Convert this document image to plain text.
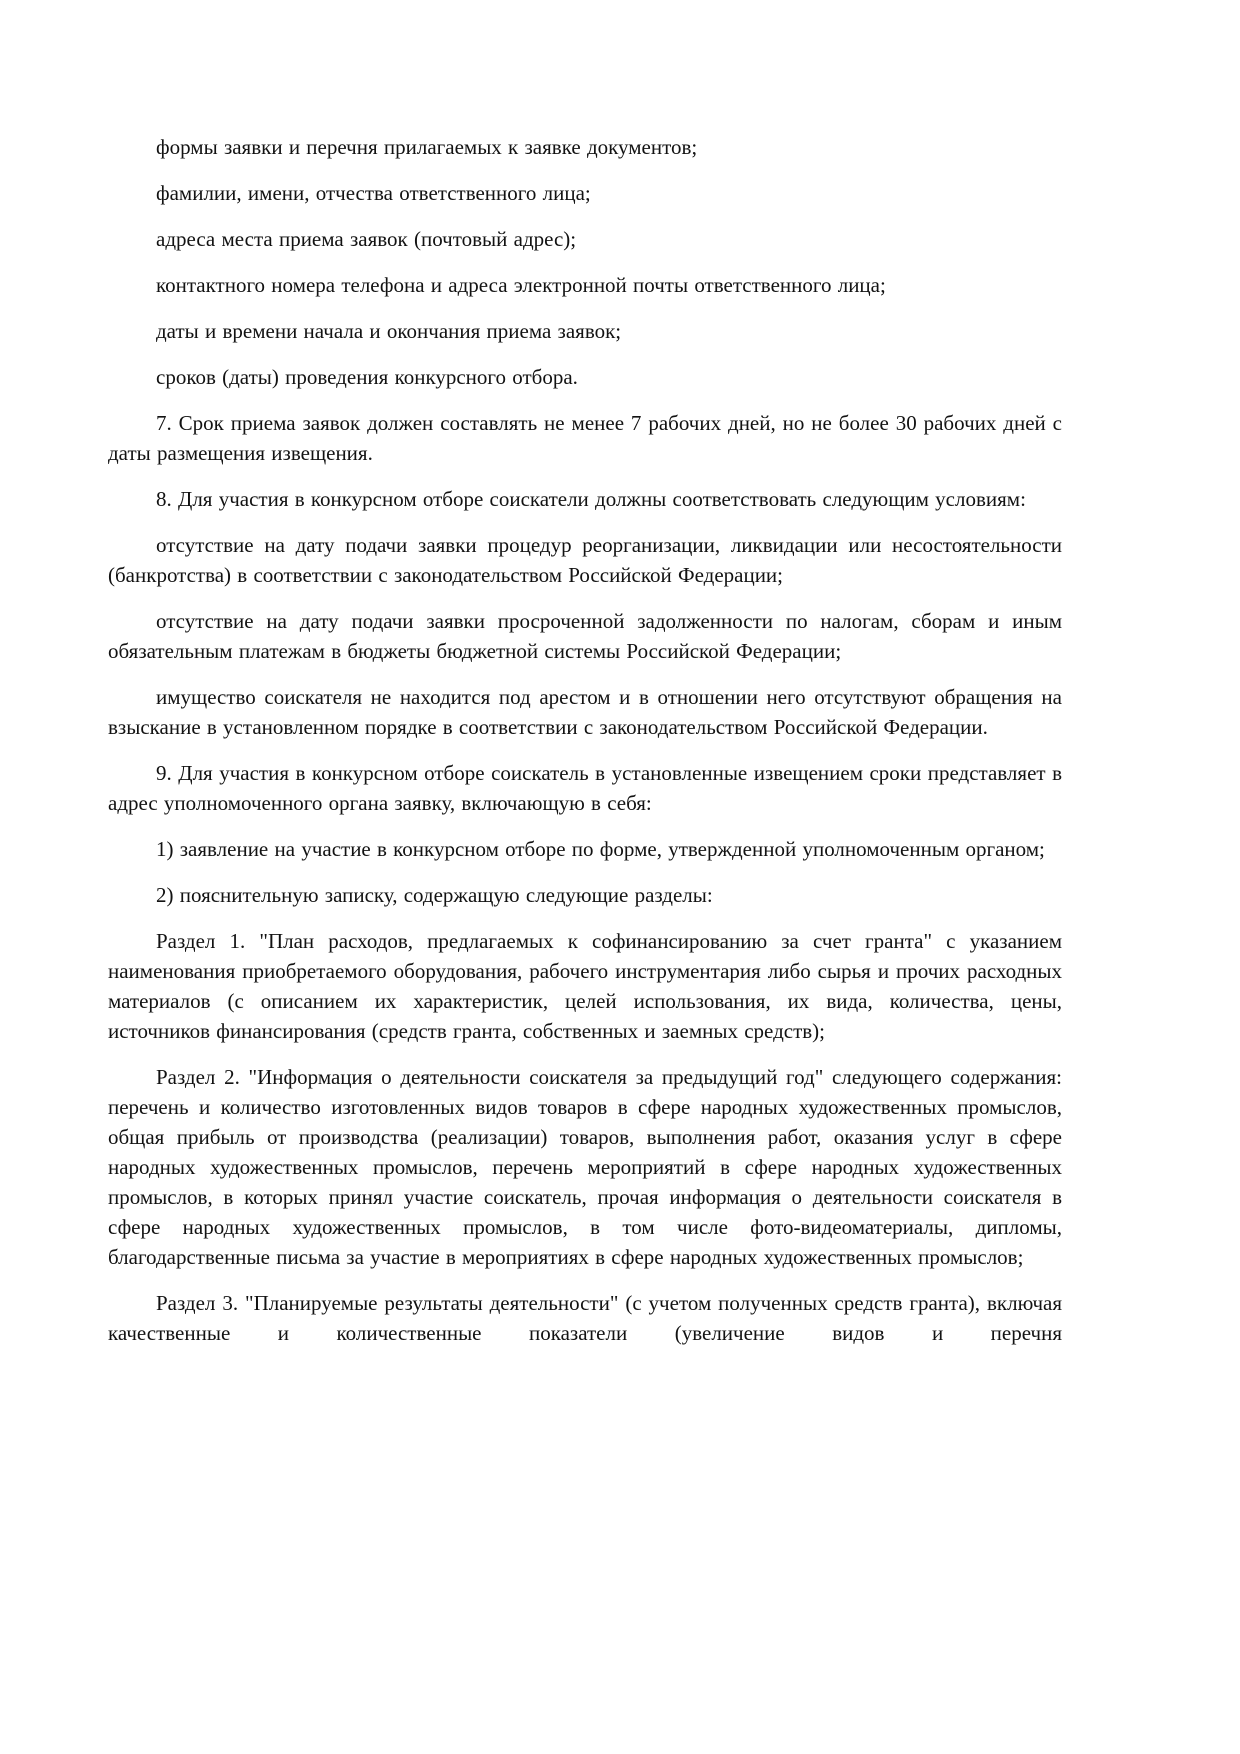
формы заявки и перечня прилагаемых к заявке документов;

фамилии, имени, отчества ответственного лица;

адреса места приема заявок (почтовый адрес);

контактного номера телефона и адреса электронной почты ответственного лица;

даты и времени начала и окончания приема заявок;

сроков (даты) проведения конкурсного отбора.

7. Срок приема заявок должен составлять не менее 7 рабочих дней, но не более 30 рабочих дней с даты размещения извещения.

8. Для участия в конкурсном отборе соискатели должны соответствовать следующим условиям:

отсутствие на дату подачи заявки процедур реорганизации, ликвидации или несостоятельности (банкротства) в соответствии с законодательством Российской Федерации;

отсутствие на дату подачи заявки просроченной задолженности по налогам, сборам и иным обязательным платежам в бюджеты бюджетной системы Российской Федерации;

имущество соискателя не находится под арестом и в отношении него отсутствуют обращения на взыскание в установленном порядке в соответствии с законодательством Российской Федерации.

9. Для участия в конкурсном отборе соискатель в установленные извещением сроки представляет в адрес уполномоченного органа заявку, включающую в себя:

1) заявление на участие в конкурсном отборе по форме, утвержденной уполномоченным органом;

2) пояснительную записку, содержащую следующие разделы:

Раздел 1. "План расходов, предлагаемых к софинансированию за счет гранта" с указанием наименования приобретаемого оборудования, рабочего инструментария либо сырья и прочих расходных материалов (с описанием их характеристик, целей использования, их вида, количества, цены, источников финансирования (средств гранта, собственных и заемных средств);

Раздел 2. "Информация о деятельности соискателя за предыдущий год" следующего содержания: перечень и количество изготовленных видов товаров в сфере народных художественных промыслов, общая прибыль от производства (реализации) товаров, выполнения работ, оказания услуг в сфере народных художественных промыслов, перечень мероприятий в сфере народных художественных промыслов, в которых принял участие соискатель, прочая информация о деятельности соискателя в сфере народных художественных промыслов, в том числе фото-видеоматериалы, дипломы, благодарственные письма за участие в мероприятиях в сфере народных художественных промыслов;

Раздел 3. "Планируемые результаты деятельности" (с учетом полученных средств гранта), включая качественные и количественные показатели (увеличение видов и перечня
